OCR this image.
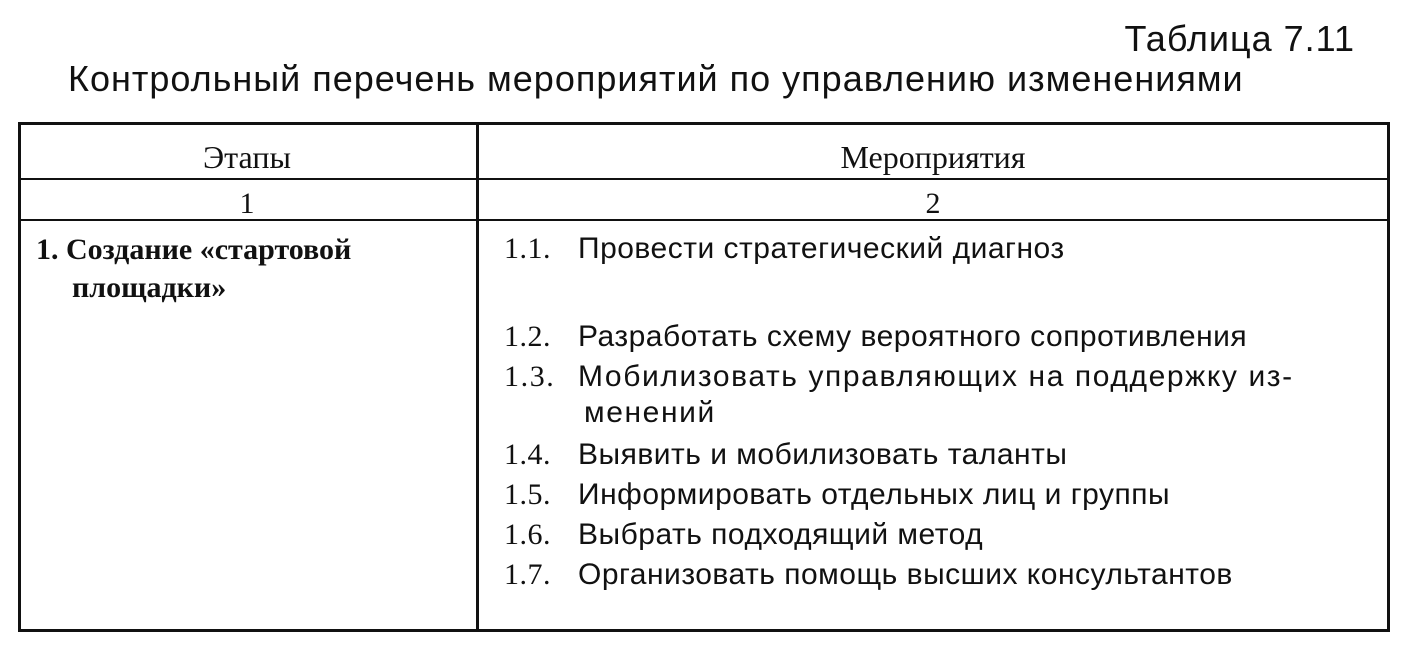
Таблица 7.11
Контрольный перечень мероприятий по управлению изменениями
Этапы	Мероприятия
1	2
1. Создание «стартовой
площадки»
1.1. Провести стратегический диагноз
1.2. Разработать схему вероятного сопротивления
1.3. Мобилизовать управляющих на поддержку из-
менений
1.4. Выявить и мобилизовать таланты
1.5. Информировать отдельных лиц и группы
1.6. Выбрать подходящий метод
1.7. Организовать помощь высших консультантов
